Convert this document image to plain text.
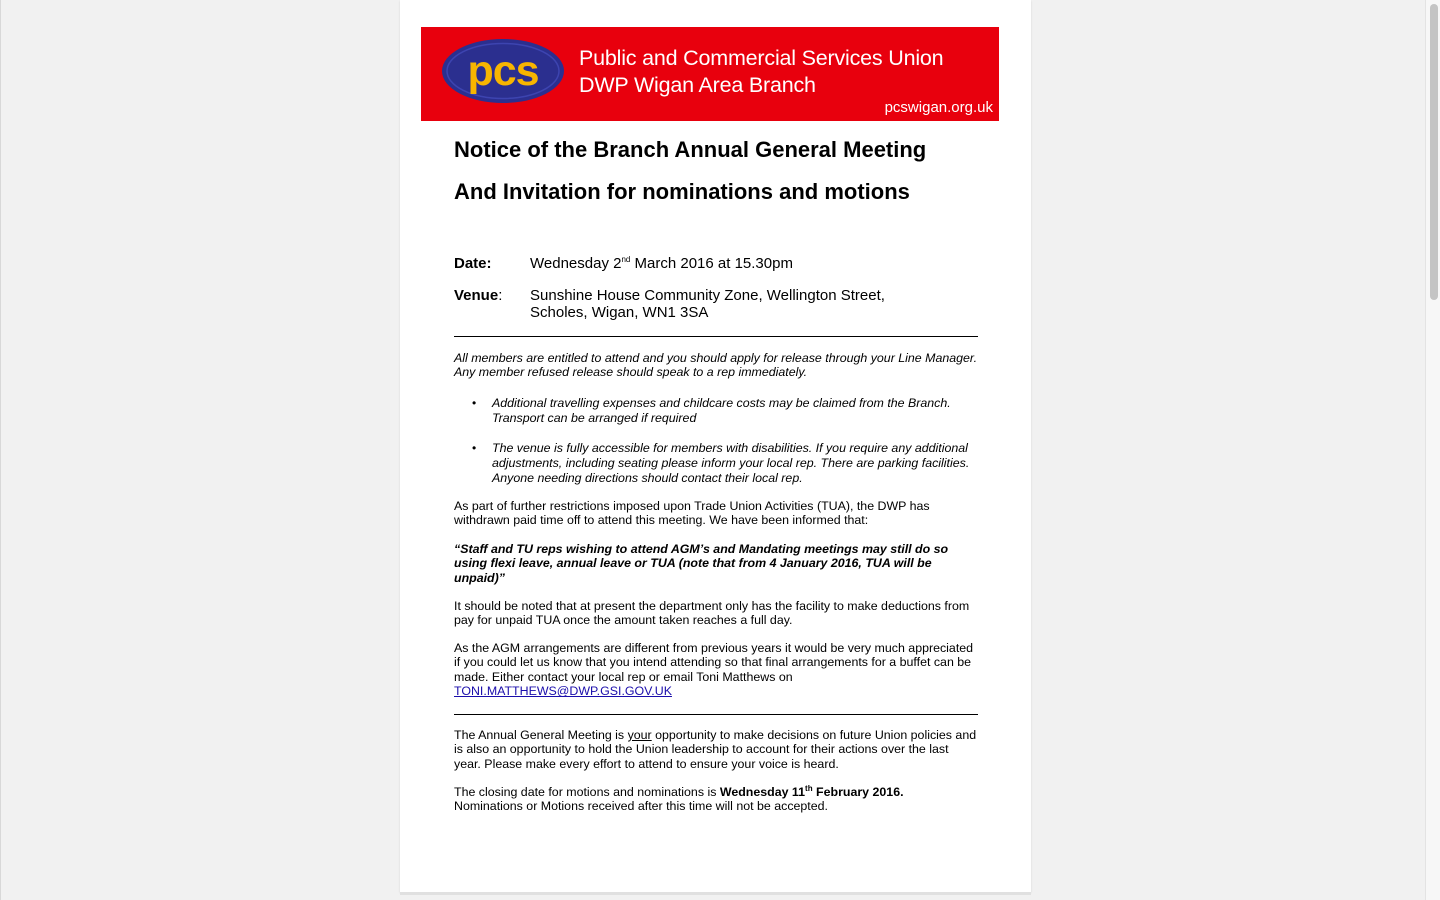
pcs Public and Commercial Services Union
DWP Wigan Area Branch
pcswigan.org.uk
Notice of the Branch Annual General Meeting
And Invitation for nominations and motions
Date:	Wednesday 2nd March 2016 at 15.30pm
Venue: Sunshine House Community Zone, Wellington Street,
Scholes, Wigan, WN1 3SA
All members are entitled to attend and you should apply for release through your Line Manager. Any member refused release should speak to a rep immediately.
• Additional travelling expenses and childcare costs may be claimed from the Branch. Transport can be arranged if required
• The venue is fully accessible for members with disabilities. If you require any additional adjustments, including seating please inform your local rep. There are parking facilities. Anyone needing directions should contact their local rep.
As part of further restrictions imposed upon Trade Union Activities (TUA), the DWP has withdrawn paid time off to attend this meeting. We have been informed that:
“Staff and TU reps wishing to attend AGM’s and Mandating meetings may still do so using flexi leave, annual leave or TUA (note that from 4 January 2016, TUA will be unpaid)”
It should be noted that at present the department only has the facility to make deductions from pay for unpaid TUA once the amount taken reaches a full day.
As the AGM arrangements are different from previous years it would be very much appreciated if you could let us know that you intend attending so that final arrangements for a buffet can be made. Either contact your local rep or email Toni Matthews on
TONI.MATTHEWS@DWP.GSI.GOV.UK
The Annual General Meeting is your opportunity to make decisions on future Union policies and is also an opportunity to hold the Union leadership to account for their actions over the last year. Please make every effort to attend to ensure your voice is heard.
The closing date for motions and nominations is Wednesday 11th February 2016.
Nominations or Motions received after this time will not be accepted.
